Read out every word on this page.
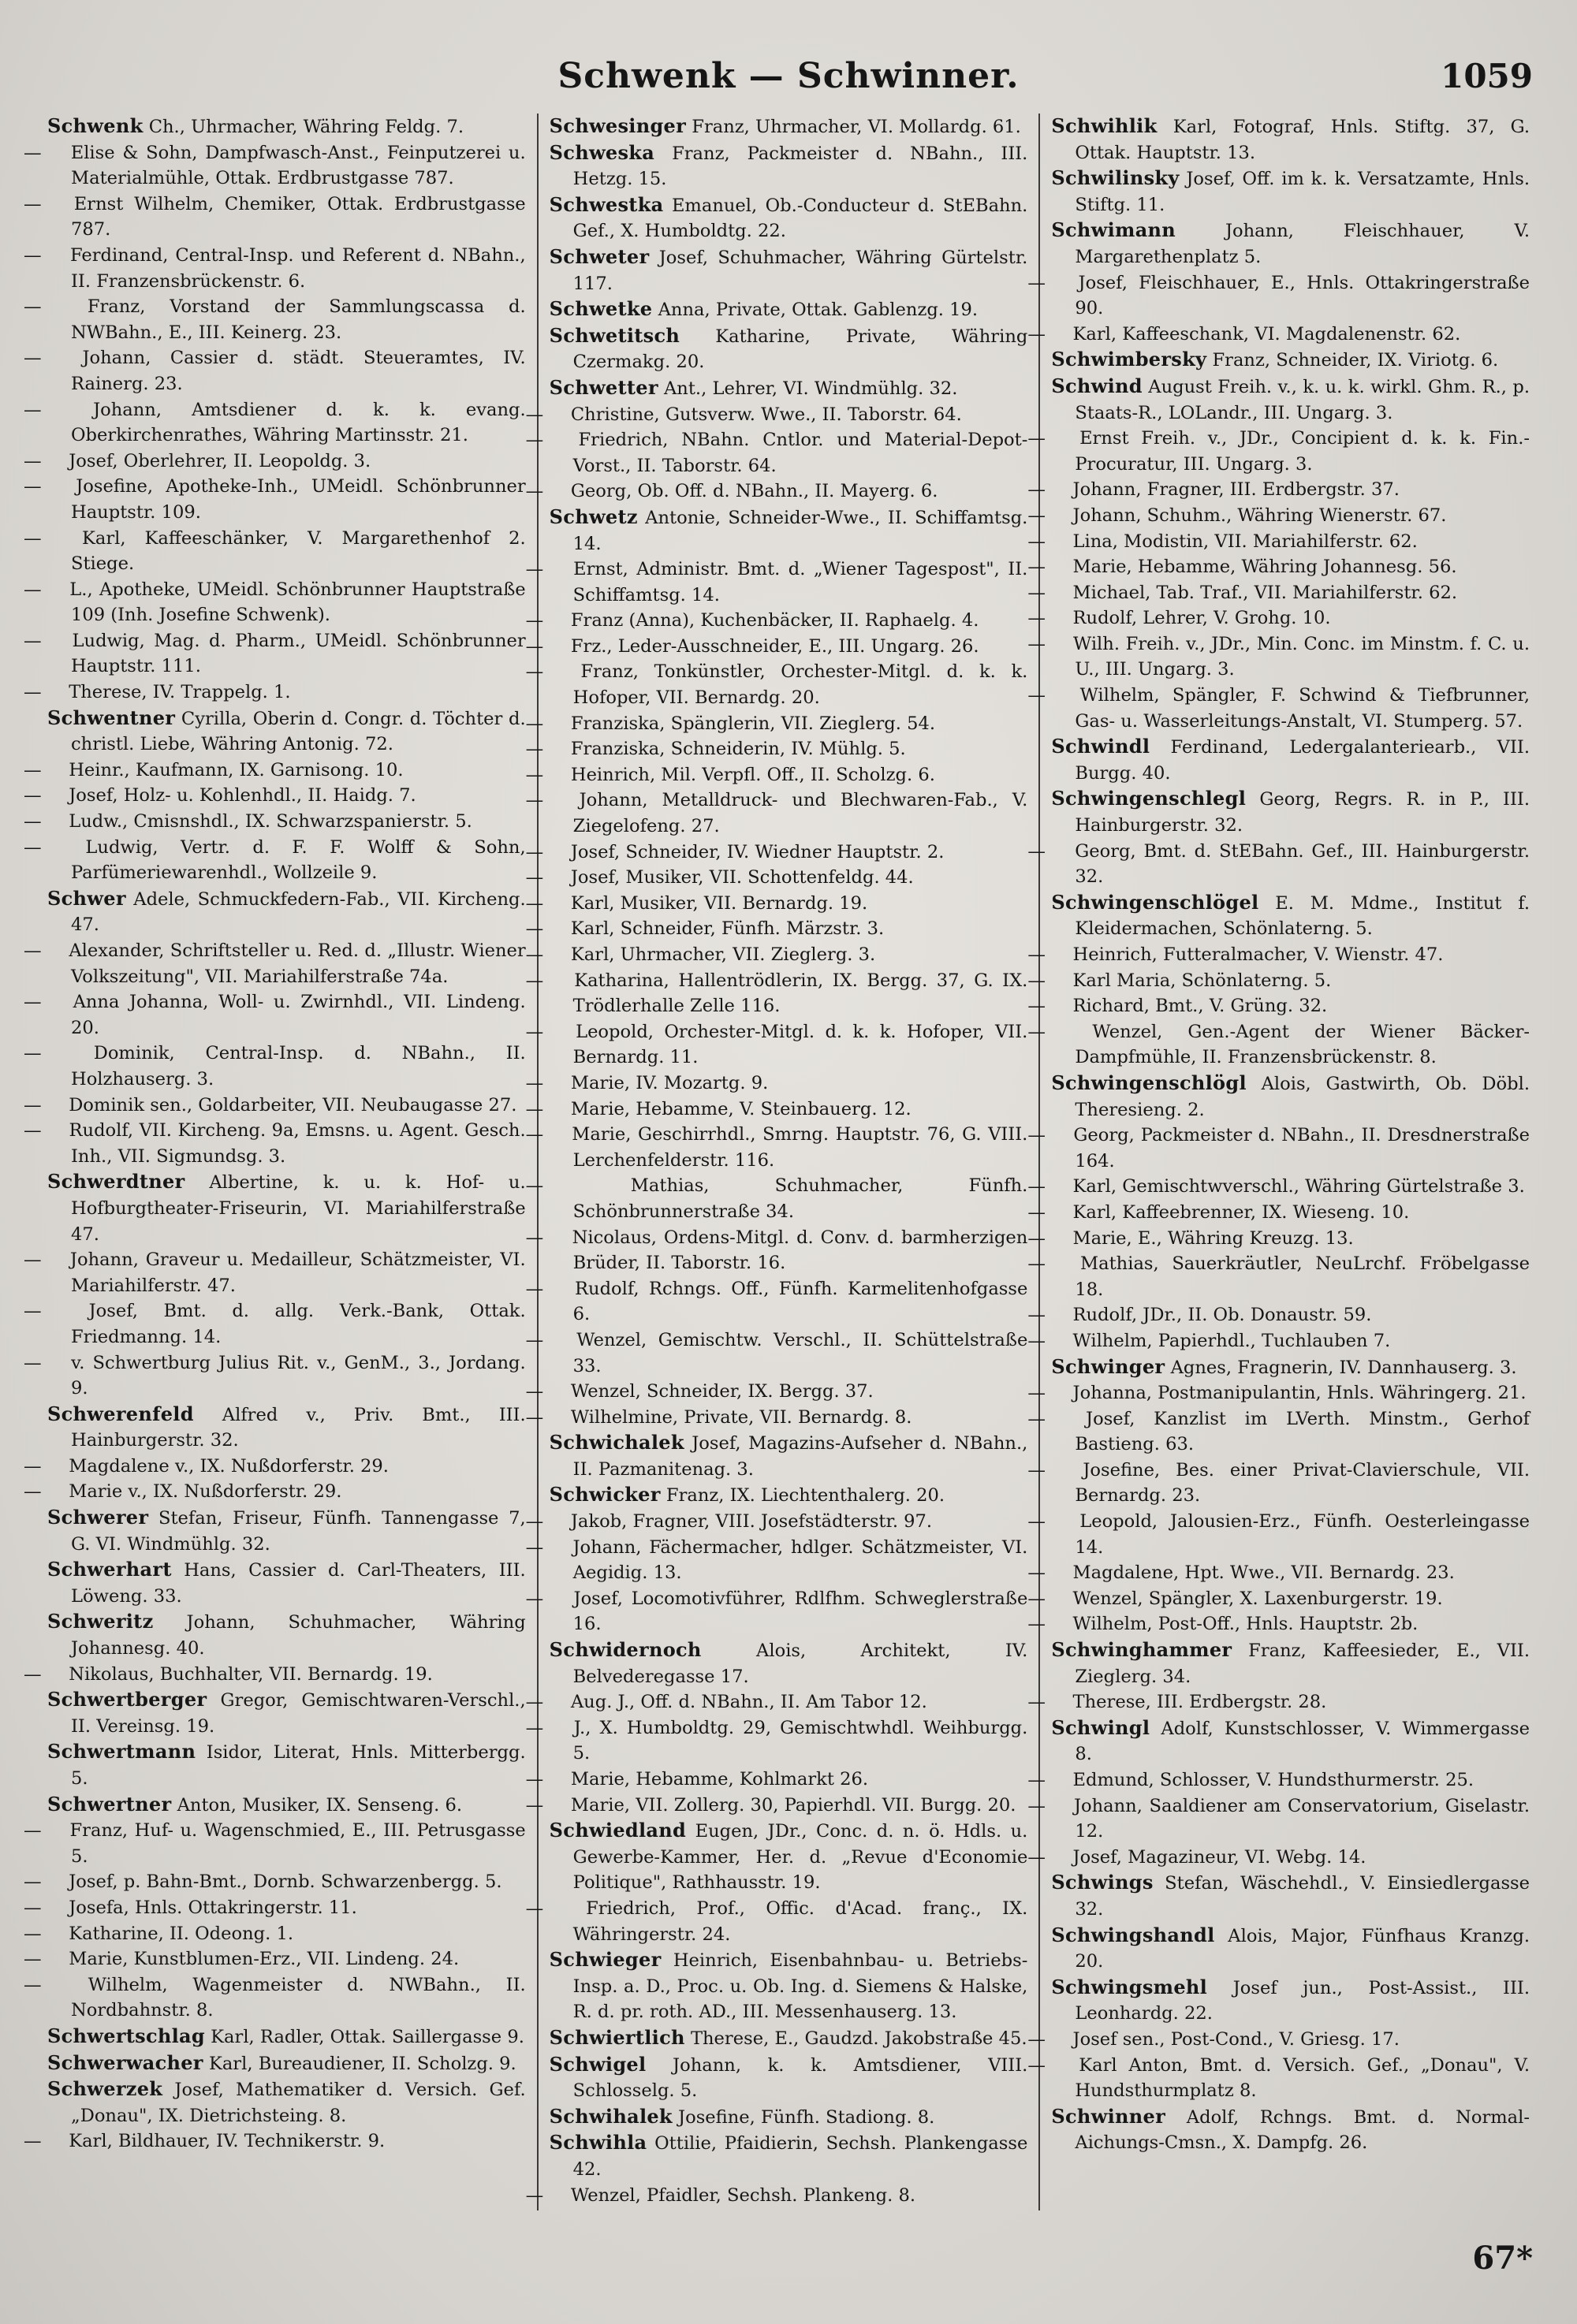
Schwenk — Schwinner.	1059

Schwenk Ch., Uhrmacher, Währing Feldg. 7.

— Elise & Sohn, Dampfwasch-Anst., Feinputzerei u. Materialmühle, Ottak. Erdbrustgasse 787.

— Ernst Wilhelm, Chemiker, Ottak. Erdbrustgasse 787.

— Ferdinand, Central-Insp. und Referent d. NBahn., II. Franzensbrückenstr. 6.

—	Franz, Vorstand der Sammlungscassa d. NWBahn., E., III. Keinerg. 23.

— Johann, Cassier d. städt. Steueramtes, IV. Rainerg. 23.

—	Johann, Amtsdiener d. k. k. evang. Oberkirchenrathes, Währing Martinsstr. 21.

— Josef, Oberlehrer, II. Leopoldg. 3.

— Josefine, Apotheke-Inh., UMeidl. Schönbrunner Hauptstr. 109.

— Karl, Kaffeeschänker, V. Margarethenhof 2. Stiege.

— L., Apotheke, UMeidl. Schönbrunner Hauptstraße 109 (Inh. Josefine Schwenk).

— Ludwig, Mag. d. Pharm., UMeidl. Schönbrunner Hauptstr. 111.

— Therese, IV. Trappelg. 1.

Schwentner Cyrilla, Oberin d. Congr. d. Töchter d. christl. Liebe, Währing Antonig. 72.

— Heinr., Kaufmann, IX. Garnisong. 10.

— Josef, Holz- u. Kohlenhdl., II. Haidg. 7.

— Ludw., Cmisnshdl., IX. Schwarzspanierstr. 5.

— Ludwig, Vertr. d. F. F. Wolff & Sohn, Parfümeriewarenhdl., Wollzeile 9.

Schwer Adele, Schmuckfedern-Fab., VII. Kircheng. 47.

— Alexander, Schriftsteller u. Red. d. „Illustr. Wiener Volkszeitung", VII. Mariahilferstraße 74a.

— Anna Johanna, Woll- u. Zwirnhdl., VII. Lindeng. 20.

—	Dominik, Central-Insp. d. NBahn., II. Holzhauserg. 3.

— Dominik sen., Goldarbeiter, VII. Neubaugasse 27.

— Rudolf, VII. Kircheng. 9a, Emsns. u. Agent. Gesch. Inh., VII. Sigmundsg. 3.

Schwerdtner Albertine, k. u. k. Hof- u. Hofburgtheater-Friseurin, VI. Mariahilferstraße 47.

— Johann, Graveur u. Medailleur, Schätzmeister, VI. Mariahilferstr. 47.

—	Josef, Bmt. d. allg. Verk.-Bank, Ottak. Friedmanng. 14.

— v. Schwertburg Julius Rit. v., GenM., 3., Jordang. 9.

Schwerenfeld Alfred v., Priv. Bmt., III. Hainburgerstr. 32.

— Magdalene v., IX. Nußdorferstr. 29.

— Marie v., IX. Nußdorferstr. 29.

Schwerer Stefan, Friseur, Fünfh. Tannengasse 7, G. VI. Windmühlg. 32.

Schwerhart Hans, Cassier d. Carl-Theaters, III. Löweng. 33.

Schweritz Johann, Schuhmacher, Währing Johannesg. 40.

— Nikolaus, Buchhalter, VII. Bernardg. 19.

Schwertberger Gregor, Gemischtwaren-Verschl., II. Vereinsg. 19.

Schwertmann Isidor, Literat, Hnls. Mitterbergg. 5.

Schwertner Anton, Musiker, IX. Senseng. 6.

— Franz, Huf- u. Wagenschmied, E., III. Petrusgasse 5.

— Josef, p. Bahn-Bmt., Dornb. Schwarzenbergg. 5.

— Josefa, Hnls. Ottakringerstr. 11.

— Katharine, II. Odeong. 1.

— Marie, Kunstblumen-Erz., VII. Lindeng. 24.

—	Wilhelm, Wagenmeister d. NWBahn., II. Nordbahnstr. 8.

Schwertschlag Karl, Radler, Ottak. Saillergasse 9.

Schwerwacher Karl, Bureaudiener, II. Scholzg. 9.

Schwerzek Josef, Mathematiker d. Versich. Gef. „Donau", IX. Dietrichsteing. 8.

— Karl, Bildhauer, IV. Technikerstr. 9.

Schwesinger Franz, Uhrmacher, VI. Mollardg. 61.

Schweska Franz, Packmeister d. NBahn., III. Hetzg. 15.

Schwestka Emanuel, Ob.-Conducteur d. StEBahn. Gef., X. Humboldtg. 22.

Schweter Josef, Schuhmacher, Währing Gürtelstr. 117.

Schwetke Anna, Private, Ottak. Gablenzg. 19.

Schwetitsch Katharine, Private, Währing Czermakg. 20.

Schwetter Ant., Lehrer, VI. Windmühlg. 32.

— Christine, Gutsverw. Wwe., II. Taborstr. 64.

— Friedrich, NBahn. Cntlor. und Material-Depot-Vorst., II. Taborstr. 64.

— Georg, Ob. Off. d. NBahn., II. Mayerg. 6.

Schwetz Antonie, Schneider-Wwe., II. Schiffamtsg. 14.

— Ernst, Administr. Bmt. d. „Wiener Tagespost", II. Schiffamtsg. 14.

— Franz (Anna), Kuchenbäcker, II. Raphaelg. 4.

— Frz., Leder-Ausschneider, E., III. Ungarg. 26.

— Franz, Tonkünstler, Orchester-Mitgl. d. k. k. Hofoper, VII. Bernardg. 20.

— Franziska, Spänglerin, VII. Zieglerg. 54.

— Franziska, Schneiderin, IV. Mühlg. 5.

— Heinrich, Mil. Verpfl. Off., II. Scholzg. 6.

— Johann, Metalldruck- und Blechwaren-Fab., V. Ziegelofeng. 27.

— Josef, Schneider, IV. Wiedner Hauptstr. 2.

— Josef, Musiker, VII. Schottenfeldg. 44.

— Karl, Musiker, VII. Bernardg. 19.

— Karl, Schneider, Fünfh. Märzstr. 3.

— Karl, Uhrmacher, VII. Zieglerg. 3.

— Katharina, Hallentrödlerin, IX. Bergg. 37, G. IX. Trödlerhalle Zelle 116.

— Leopold, Orchester-Mitgl. d. k. k. Hofoper, VII. Bernardg. 11.

— Marie, IV. Mozartg. 9.

— Marie, Hebamme, V. Steinbauerg. 12.

— Marie, Geschirrhdl., Smrng. Hauptstr. 76, G. VIII. Lerchenfelderstr. 116.

—	Mathias, Schuhmacher, Fünfh. Schönbrunnerstraße 34.

— Nicolaus, Ordens-Mitgl. d. Conv. d. barmherzigen Brüder, II. Taborstr. 16.

— Rudolf, Rchngs. Off., Fünfh. Karmelitenhofgasse 6.

— Wenzel, Gemischtw. Verschl., II. Schüttelstraße 33.

— Wenzel, Schneider, IX. Bergg. 37.

— Wilhelmine, Private, VII. Bernardg. 8.

Schwichalek Josef, Magazins-Aufseher d. NBahn., II. Pazmanitenag. 3.

Schwicker Franz, IX. Liechtenthalerg. 20.

— Jakob, Fragner, VIII. Josefstädterstr. 97.

— Johann, Fächermacher, hdlger. Schätzmeister, VI. Aegidig. 13.

— Josef, Locomotivführer, Rdlfhm. Schweglerstraße 16.

Schwidernoch	Alois, Architekt, IV. Belvederegasse 17.

— Aug. J., Off. d. NBahn., II. Am Tabor 12.

— J., X. Humboldtg. 29, Gemischtwhdl. Weihburgg. 5.

— Marie, Hebamme, Kohlmarkt 26.

— Marie, VII. Zollerg. 30, Papierhdl. VII. Burgg. 20.

Schwiedland Eugen, JDr., Conc. d. n. ö. Hdls. u. Gewerbe-Kammer, Her. d. „Revue d'Economie Politique", Rathhausstr. 19.

— Friedrich, Prof., Offic. d'Acad. franç., IX. Währingerstr. 24.

Schwieger Heinrich, Eisenbahnbau- u. Betriebs-Insp. a. D., Proc. u. Ob. Ing. d. Siemens & Halske, R. d. pr. roth. AD., III. Messenhauserg. 13.

Schwiertlich Therese, E., Gaudzd. Jakobstraße 45.

Schwigel Johann, k. k. Amtsdiener, VIII. Schlosselg. 5.

Schwihalek Josefine, Fünfh. Stadiong. 8.

Schwihla Ottilie, Pfaidierin, Sechsh. Plankengasse 42.

— Wenzel, Pfaidler, Sechsh. Plankeng. 8.

Schwihlik Karl, Fotograf, Hnls. Stiftg. 37, G. Ottak. Hauptstr. 13.

Schwilinsky Josef, Off. im k. k. Versatzamte, Hnls. Stiftg. 11.

Schwimann	Johann, Fleischhauer, V. Margarethenplatz 5.

— Josef, Fleischhauer, E., Hnls. Ottakringerstraße 90.

— Karl, Kaffeeschank, VI. Magdalenenstr. 62.

Schwimbersky Franz, Schneider, IX. Viriotg. 6.

Schwind August Freih. v., k. u. k. wirkl. Ghm. R., p. Staats-R., LOLandr., III. Ungarg. 3.

— Ernst Freih. v., JDr., Concipient d. k. k. Fin.-Procuratur, III. Ungarg. 3.

— Johann, Fragner, III. Erdbergstr. 37.

— Johann, Schuhm., Währing Wienerstr. 67.

— Lina, Modistin, VII. Mariahilferstr. 62.

— Marie, Hebamme, Währing Johannesg. 56.

— Michael, Tab. Traf., VII. Mariahilferstr. 62.

— Rudolf, Lehrer, V. Grohg. 10.

— Wilh. Freih. v., JDr., Min. Conc. im Minstm. f. C. u. U., III. Ungarg. 3.

— Wilhelm, Spängler, F. Schwind & Tiefbrunner, Gas- u. Wasserleitungs-Anstalt, VI. Stumperg. 57.

Schwindl Ferdinand, Ledergalanteriearb., VII. Burgg. 40.

Schwingenschlegl Georg, Regrs. R. in P., III. Hainburgerstr. 32.

— Georg, Bmt. d. StEBahn. Gef., III. Hainburgerstr. 32.

Schwingenschlögel E. M. Mdme., Institut f. Kleidermachen, Schönlaterng. 5.

— Heinrich, Futteralmacher, V. Wienstr. 47.

— Karl Maria, Schönlaterng. 5.

— Richard, Bmt., V. Grüng. 32.

—	Wenzel, Gen.-Agent der Wiener Bäcker-Dampfmühle, II. Franzensbrückenstr. 8.

Schwingenschlögl Alois, Gastwirth, Ob. Döbl. Theresieng. 2.

— Georg, Packmeister d. NBahn., II. Dresdnerstraße 164.

— Karl, Gemischtwverschl., Währing Gürtelstraße 3.

— Karl, Kaffeebrenner, IX. Wieseng. 10.

— Marie, E., Währing Kreuzg. 13.

— Mathias, Sauerkräutler, NeuLrchf. Fröbelgasse 18.

— Rudolf, JDr., II. Ob. Donaustr. 59.

— Wilhelm, Papierhdl., Tuchlauben 7.

Schwinger Agnes, Fragnerin, IV. Dannhauserg. 3.

— Johanna, Postmanipulantin, Hnls. Währingerg. 21.

— Josef, Kanzlist im LVerth. Minstm., Gerhof Bastieng. 63.

— Josefine, Bes. einer Privat-Clavierschule, VII. Bernardg. 23.

— Leopold, Jalousien-Erz., Fünfh. Oesterleingasse 14.

— Magdalene, Hpt. Wwe., VII. Bernardg. 23.

— Wenzel, Spängler, X. Laxenburgerstr. 19.

— Wilhelm, Post-Off., Hnls. Hauptstr. 2b.

Schwinghammer Franz, Kaffeesieder, E., VII. Zieglerg. 34.

— Therese, III. Erdbergstr. 28.

Schwingl Adolf, Kunstschlosser, V. Wimmergasse 8.

— Edmund, Schlosser, V. Hundsthurmerstr. 25.

— Johann, Saaldiener am Conservatorium, Giselastr. 12.

— Josef, Magazineur, VI. Webg. 14.

Schwings Stefan, Wäschehdl., V. Einsiedlergasse 32.

Schwingshandl Alois, Major, Fünfhaus Kranzg. 20.

Schwingsmehl Josef jun., Post-Assist., III. Leonhardg. 22.

— Josef sen., Post-Cond., V. Griesg. 17.

— Karl Anton, Bmt. d. Versich. Gef., „Donau", V. Hundsthurmplatz 8.

Schwinner Adolf, Rchngs. Bmt. d. Normal-Aichungs-Cmsn., X. Dampfg. 26.

67*
